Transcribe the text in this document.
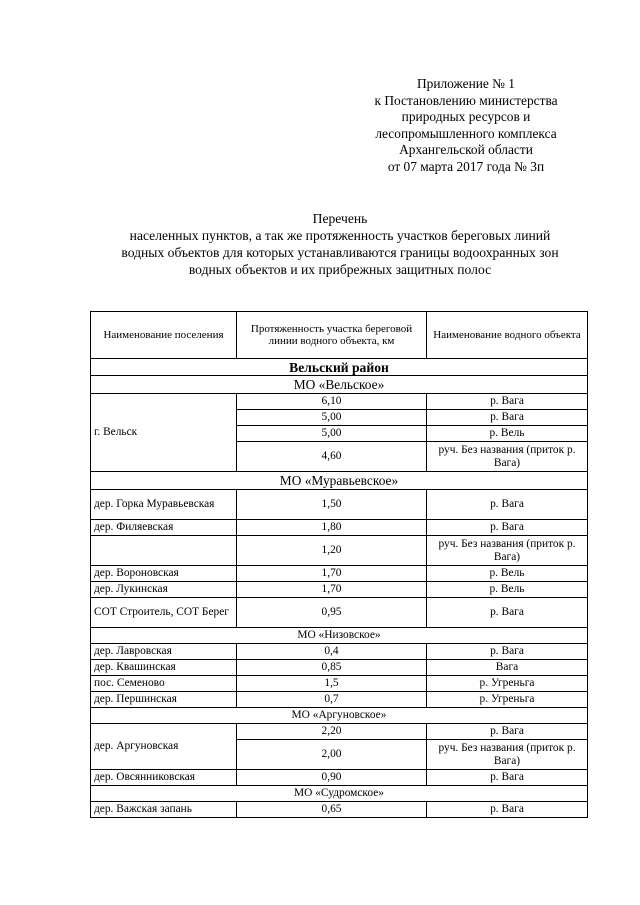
Приложение № 1
к Постановлению министерства
природных ресурсов и
лесопромышленного комплекса
Архангельской области
от 07 марта 2017 года № 3п
Перечень
населенных пунктов, а так же протяженность участков береговых линий
водных объектов для которых устанавливаются границы водоохранных зон
водных объектов и их прибрежных защитных полос
Наименование поселения	Протяженность участка береговой линии водного объекта, км	Наименование водного объекта
Вельский район		
МО «Вельское»		
г. Вельск	6,10	р. Вага
	5,00	р. Вага
	5,00	р. Вель
	4,60	руч. Без названия (приток р. Вага)
МО «Муравьевское»		
дер. Горка Муравьевская	1,50	р. Вага
дер. Филяевская	1,80	р. Вага
	1,20	руч. Без названия (приток р. Вага)
дер. Вороновская	1,70	р. Вель
дер. Лукинская	1,70	р. Вель
СОТ Строитель, СОТ Берег	0,95	р. Вага
МО «Низовское»		
дер. Лавровская	0,4	р. Вага
дер. Квашинская	0,85	Вага
пос. Семеново	1,5	р. Угреньга
дер. Першинская	0,7	р. Угреньга
МО «Аргуновское»		
дер. Аргуновская	2,20	р. Вага
	2,00	руч. Без названия (приток р. Вага)
дер. Овсянниковская	0,90	р. Вага
МО «Судромское»		
дер. Важская запань	0,65	р. Вага
